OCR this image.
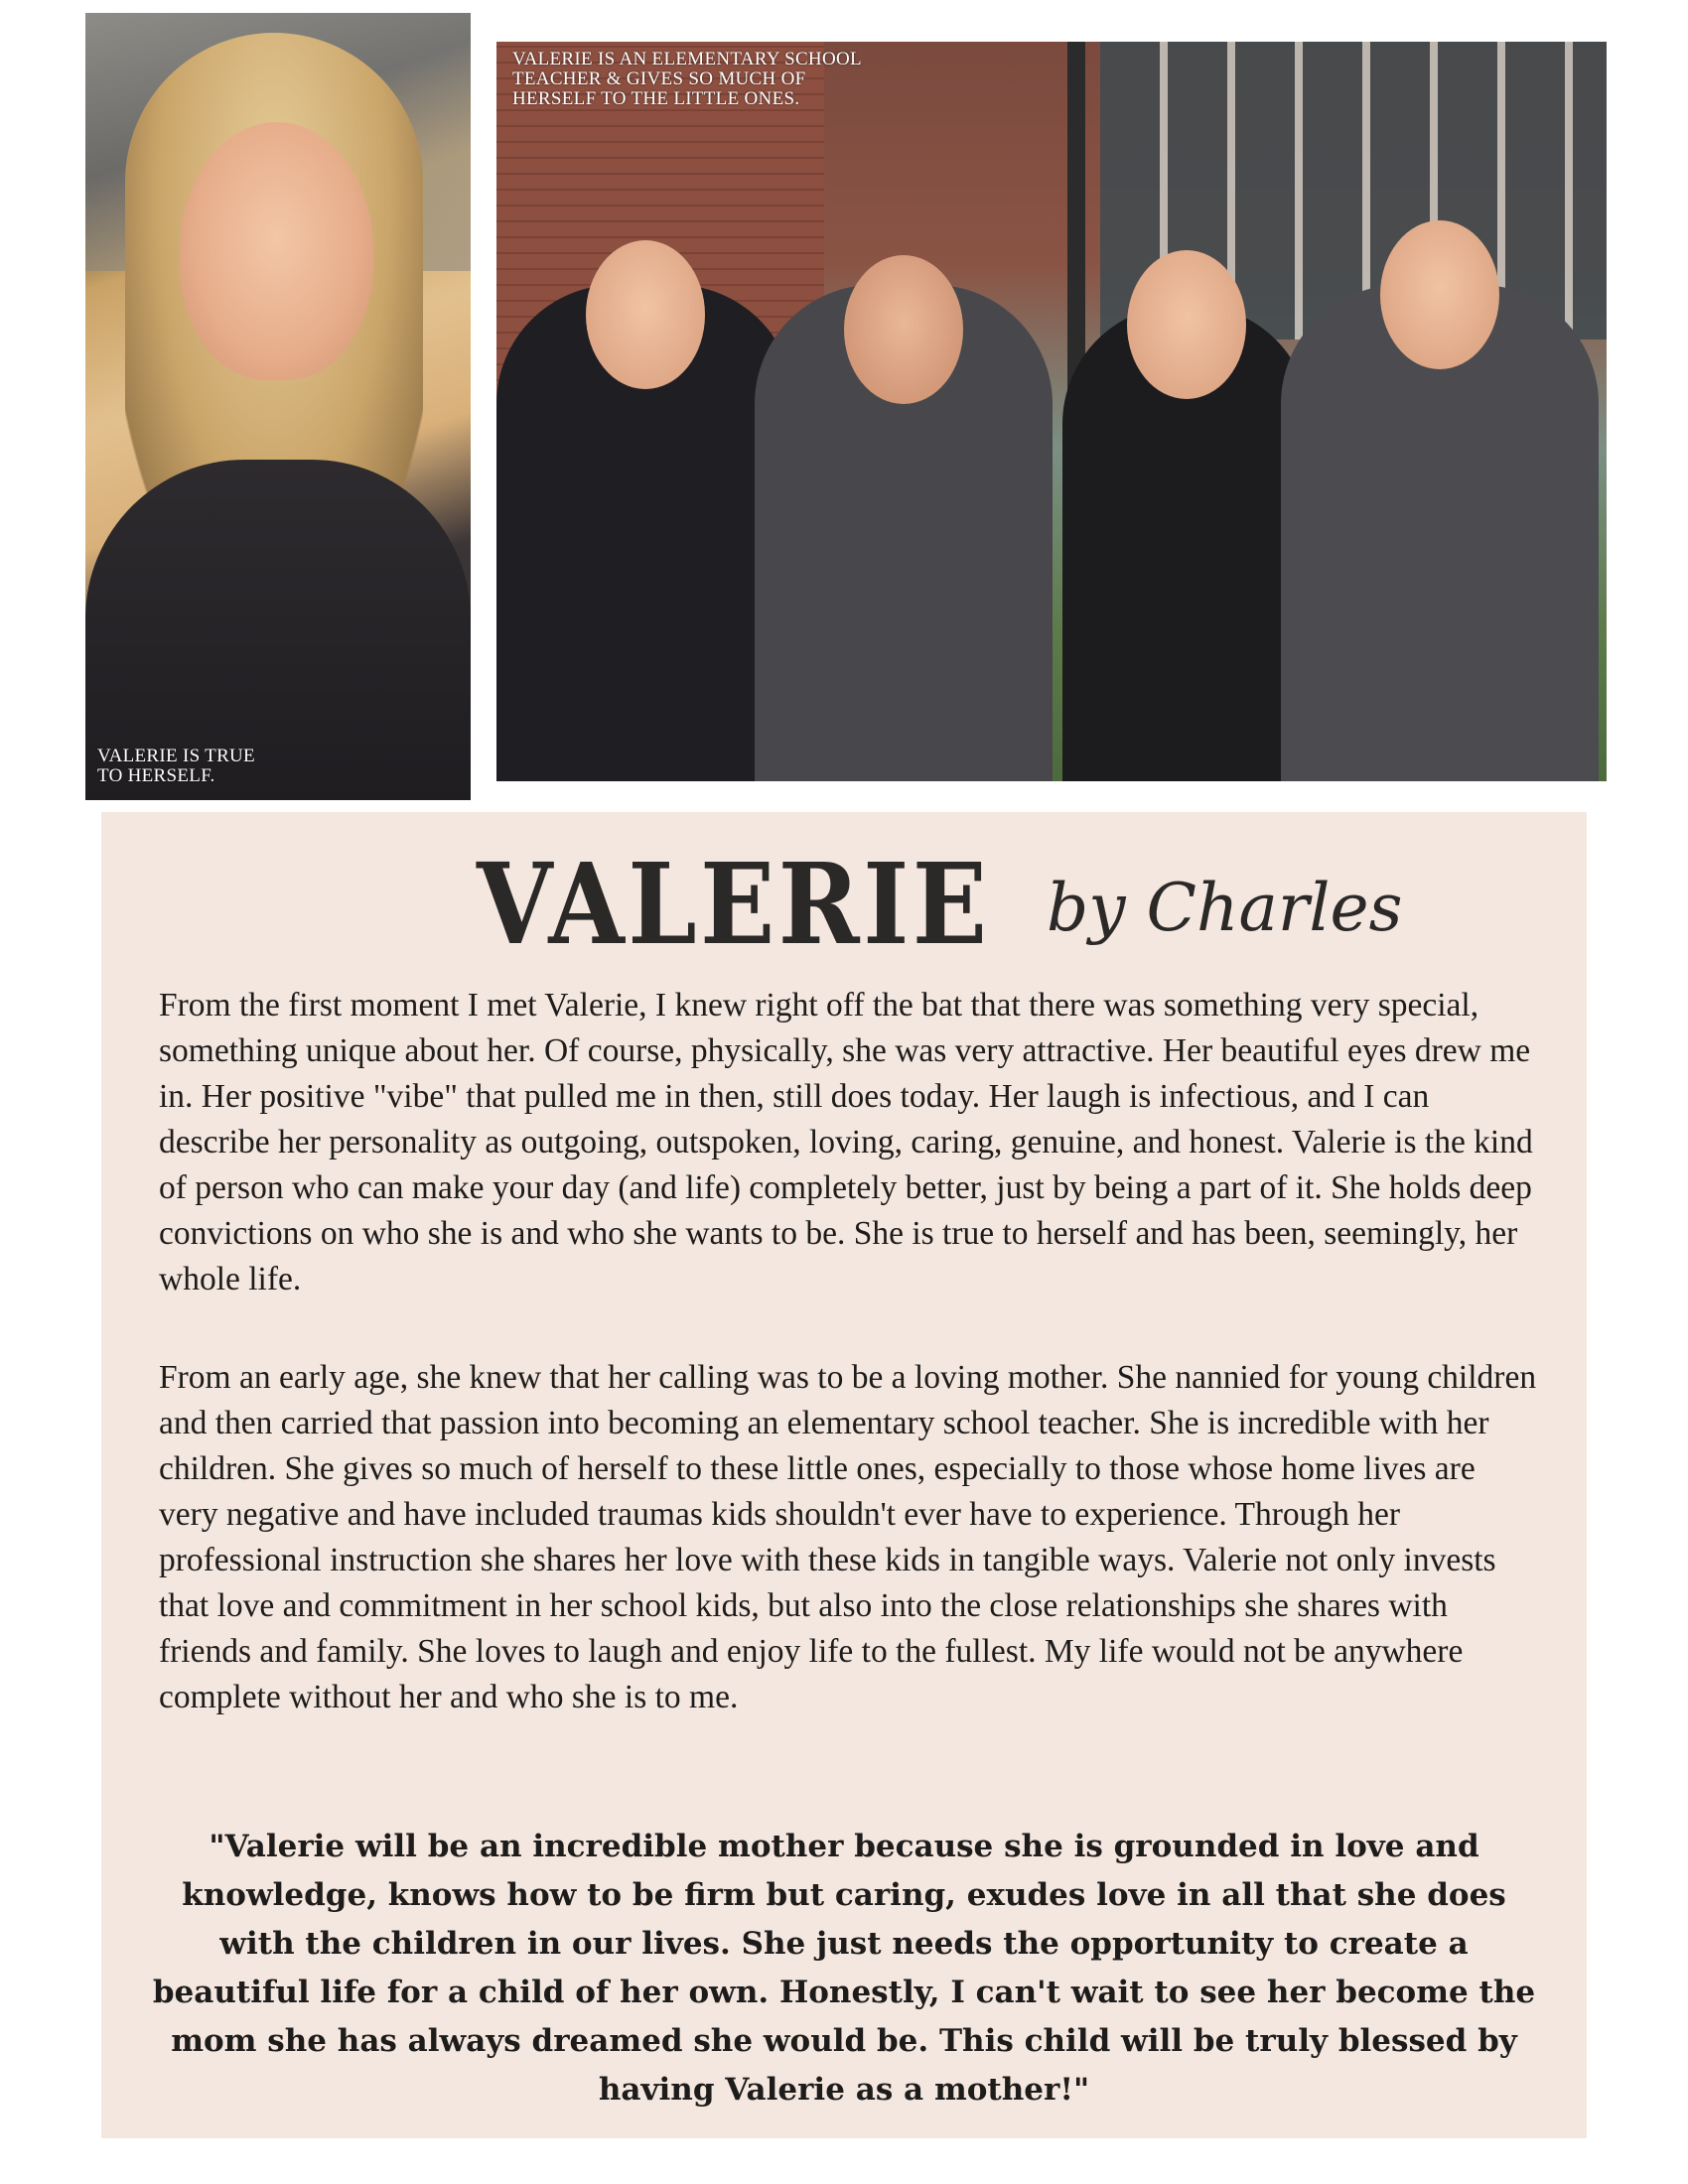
VALERIE IS TRUE
TO HERSELF.
VALERIE IS AN ELEMENTARY SCHOOL
TEACHER & GIVES SO MUCH OF
HERSELF TO THE LITTLE ONES.
VALERIE by Charles
From the first moment I met Valerie, I knew right off the bat that there was something very special, something unique about her. Of course, physically, she was very attractive. Her beautiful eyes drew me in. Her positive "vibe" that pulled me in then, still does today. Her laugh is infectious, and I can describe her personality as outgoing, outspoken, loving, caring, genuine, and honest. Valerie is the kind of person who can make your day (and life) completely better, just by being a part of it. She holds deep convictions on who she is and who she wants to be. She is true to herself and has been, seemingly, her whole life.
From an early age, she knew that her calling was to be a loving mother. She nannied for young children and then carried that passion into becoming an elementary school teacher. She is incredible with her children. She gives so much of herself to these little ones, especially to those whose home lives are very negative and have included traumas kids shouldn't ever have to experience. Through her professional instruction she shares her love with these kids in tangible ways. Valerie not only invests that love and commitment in her school kids, but also into the close relationships she shares with friends and family. She loves to laugh and enjoy life to the fullest. My life would not be anywhere complete without her and who she is to me.
"Valerie will be an incredible mother because she is grounded in love and knowledge, knows how to be firm but caring, exudes love in all that she does with the children in our lives. She just needs the opportunity to create a beautiful life for a child of her own. Honestly, I can't wait to see her become the mom she has always dreamed she would be. This child will be truly blessed by having Valerie as a mother!"
